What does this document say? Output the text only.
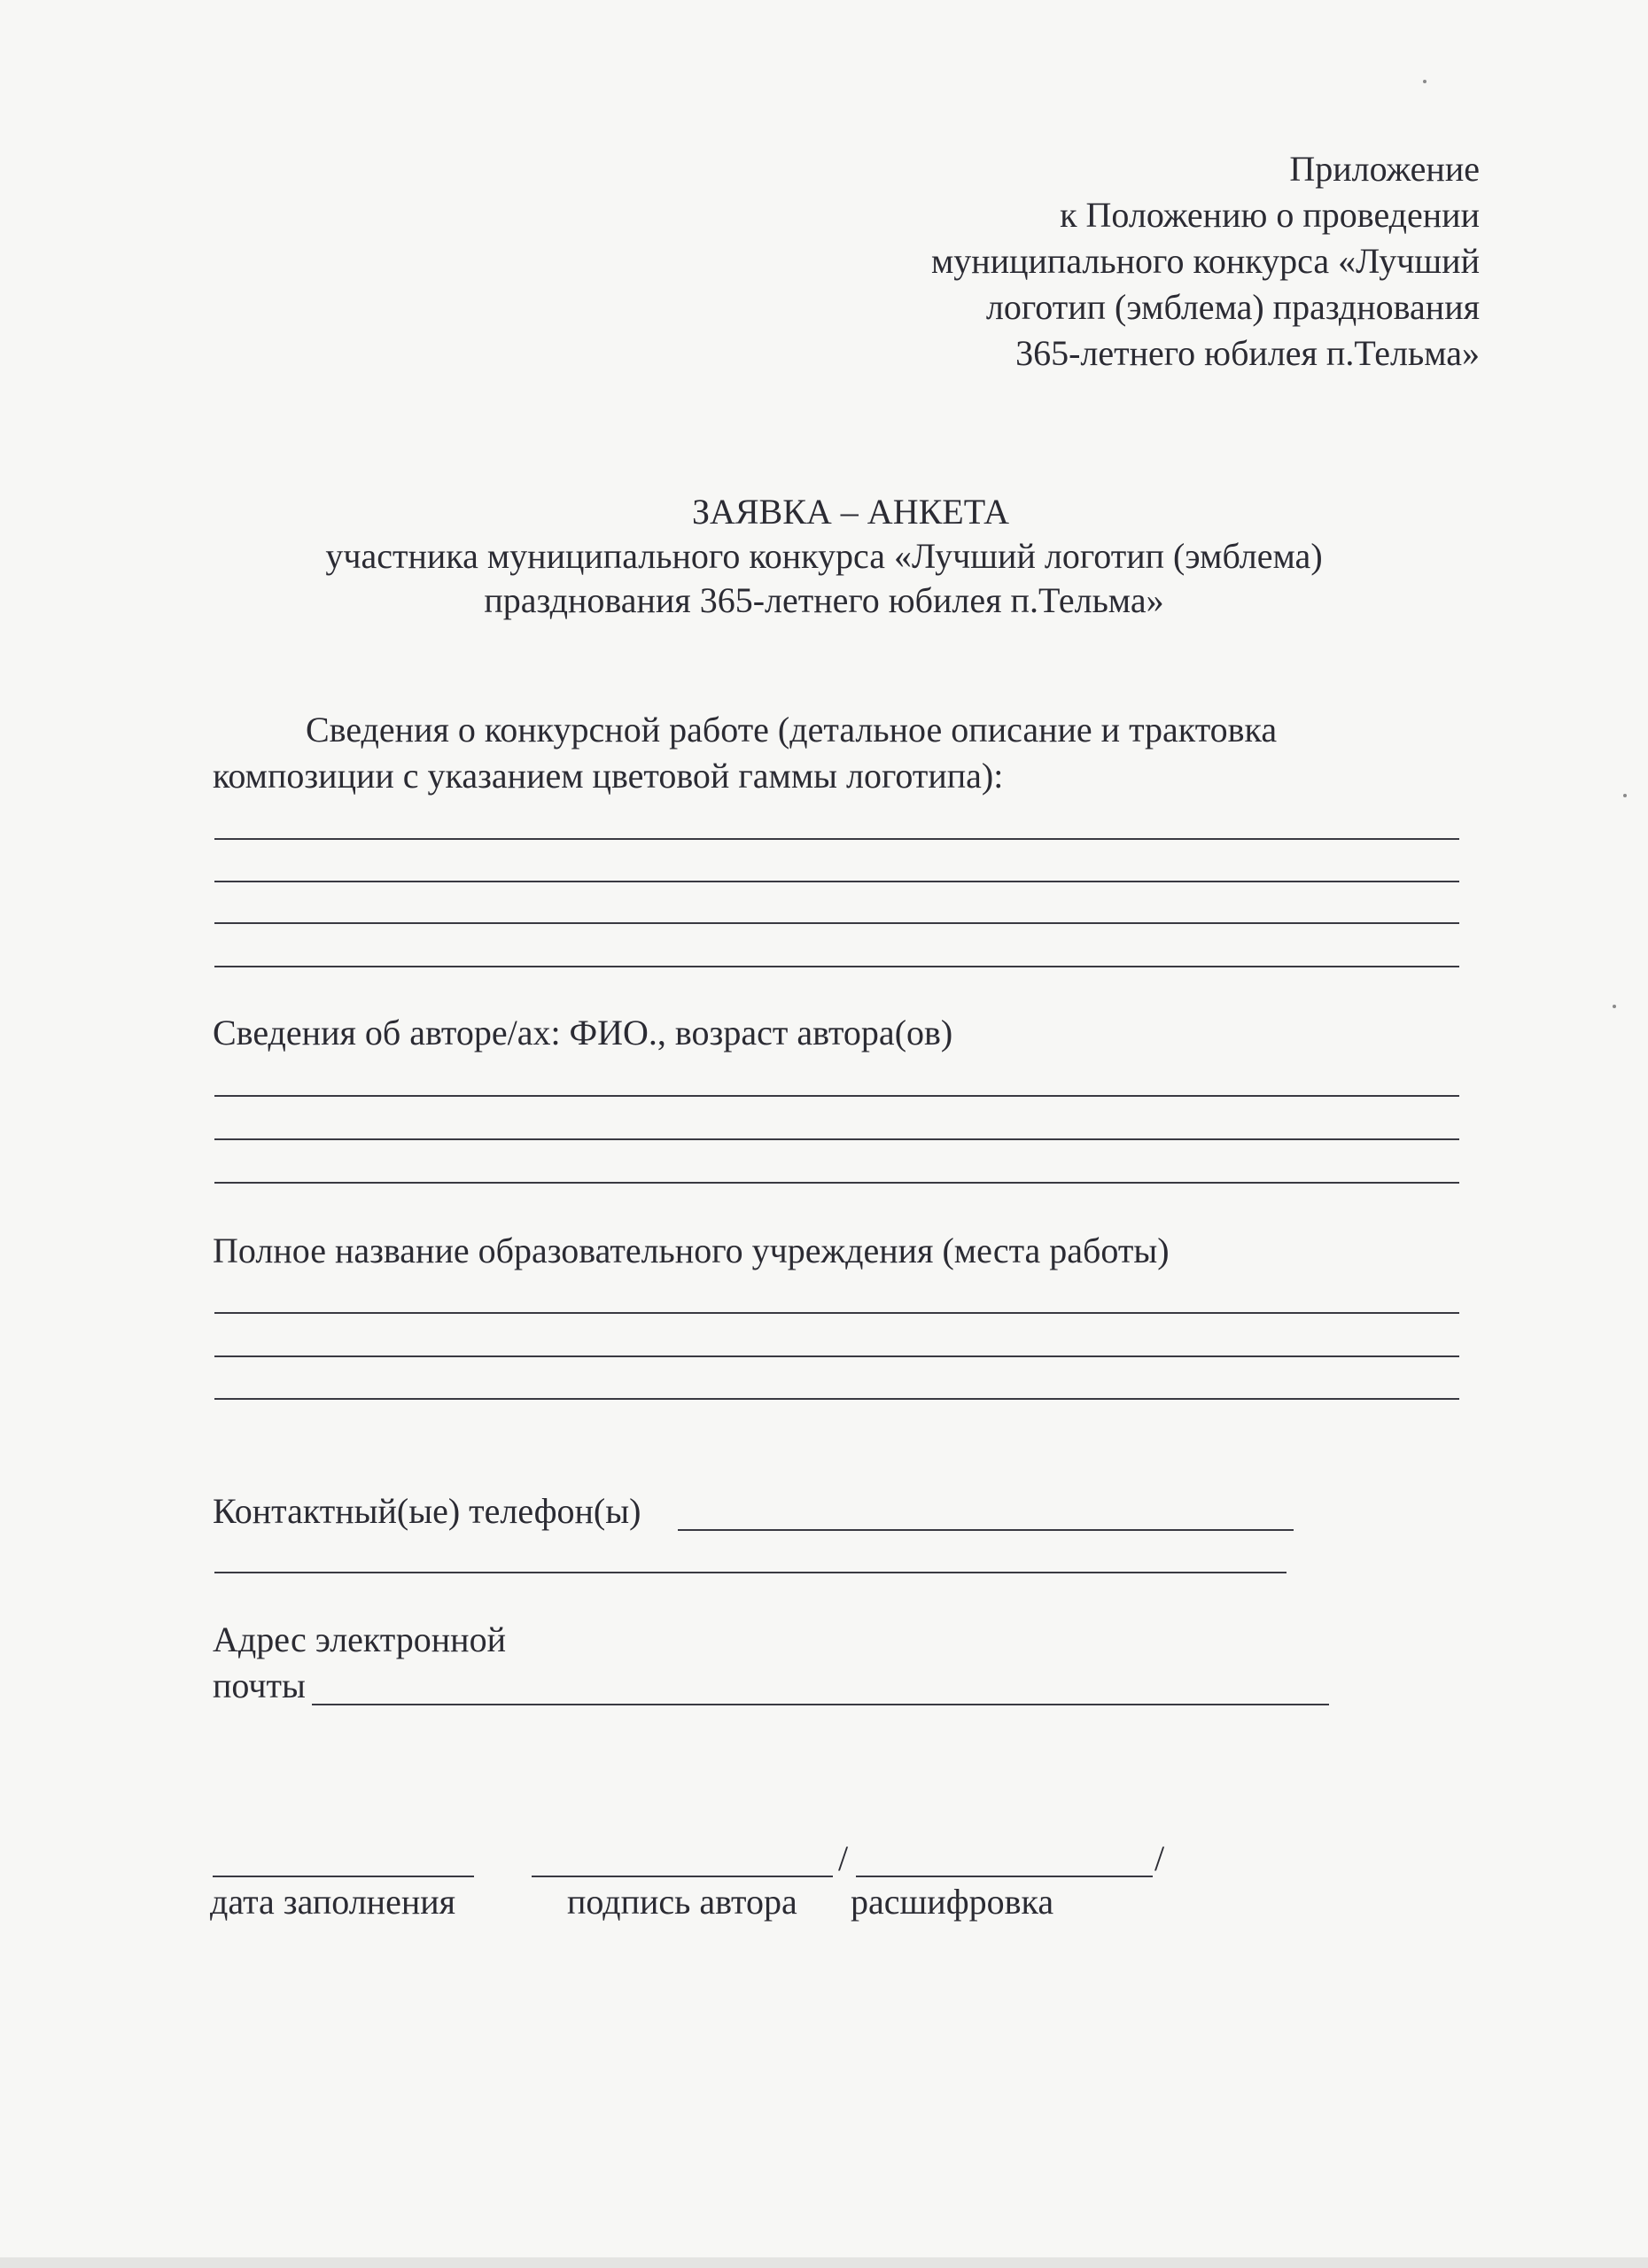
Приложение
к Положению о проведении
муниципального конкурса «Лучший
логотип (эмблема) празднования
365-летнего юбилея п.Тельма»
ЗАЯВКА – АНКЕТА
участника муниципального конкурса «Лучший логотип (эмблема)
празднования 365-летнего юбилея п.Тельма»
Сведения о конкурсной работе (детальное описание и трактовка
композиции с указанием цветовой гаммы логотипа):
Сведения об авторе/ах: ФИО., возраст автора(ов)
Полное название образовательного учреждения (места работы)
Контактный(ые) телефон(ы)
Адрес электронной
почты
/	/
дата заполнения	подпись автора расшифровка
